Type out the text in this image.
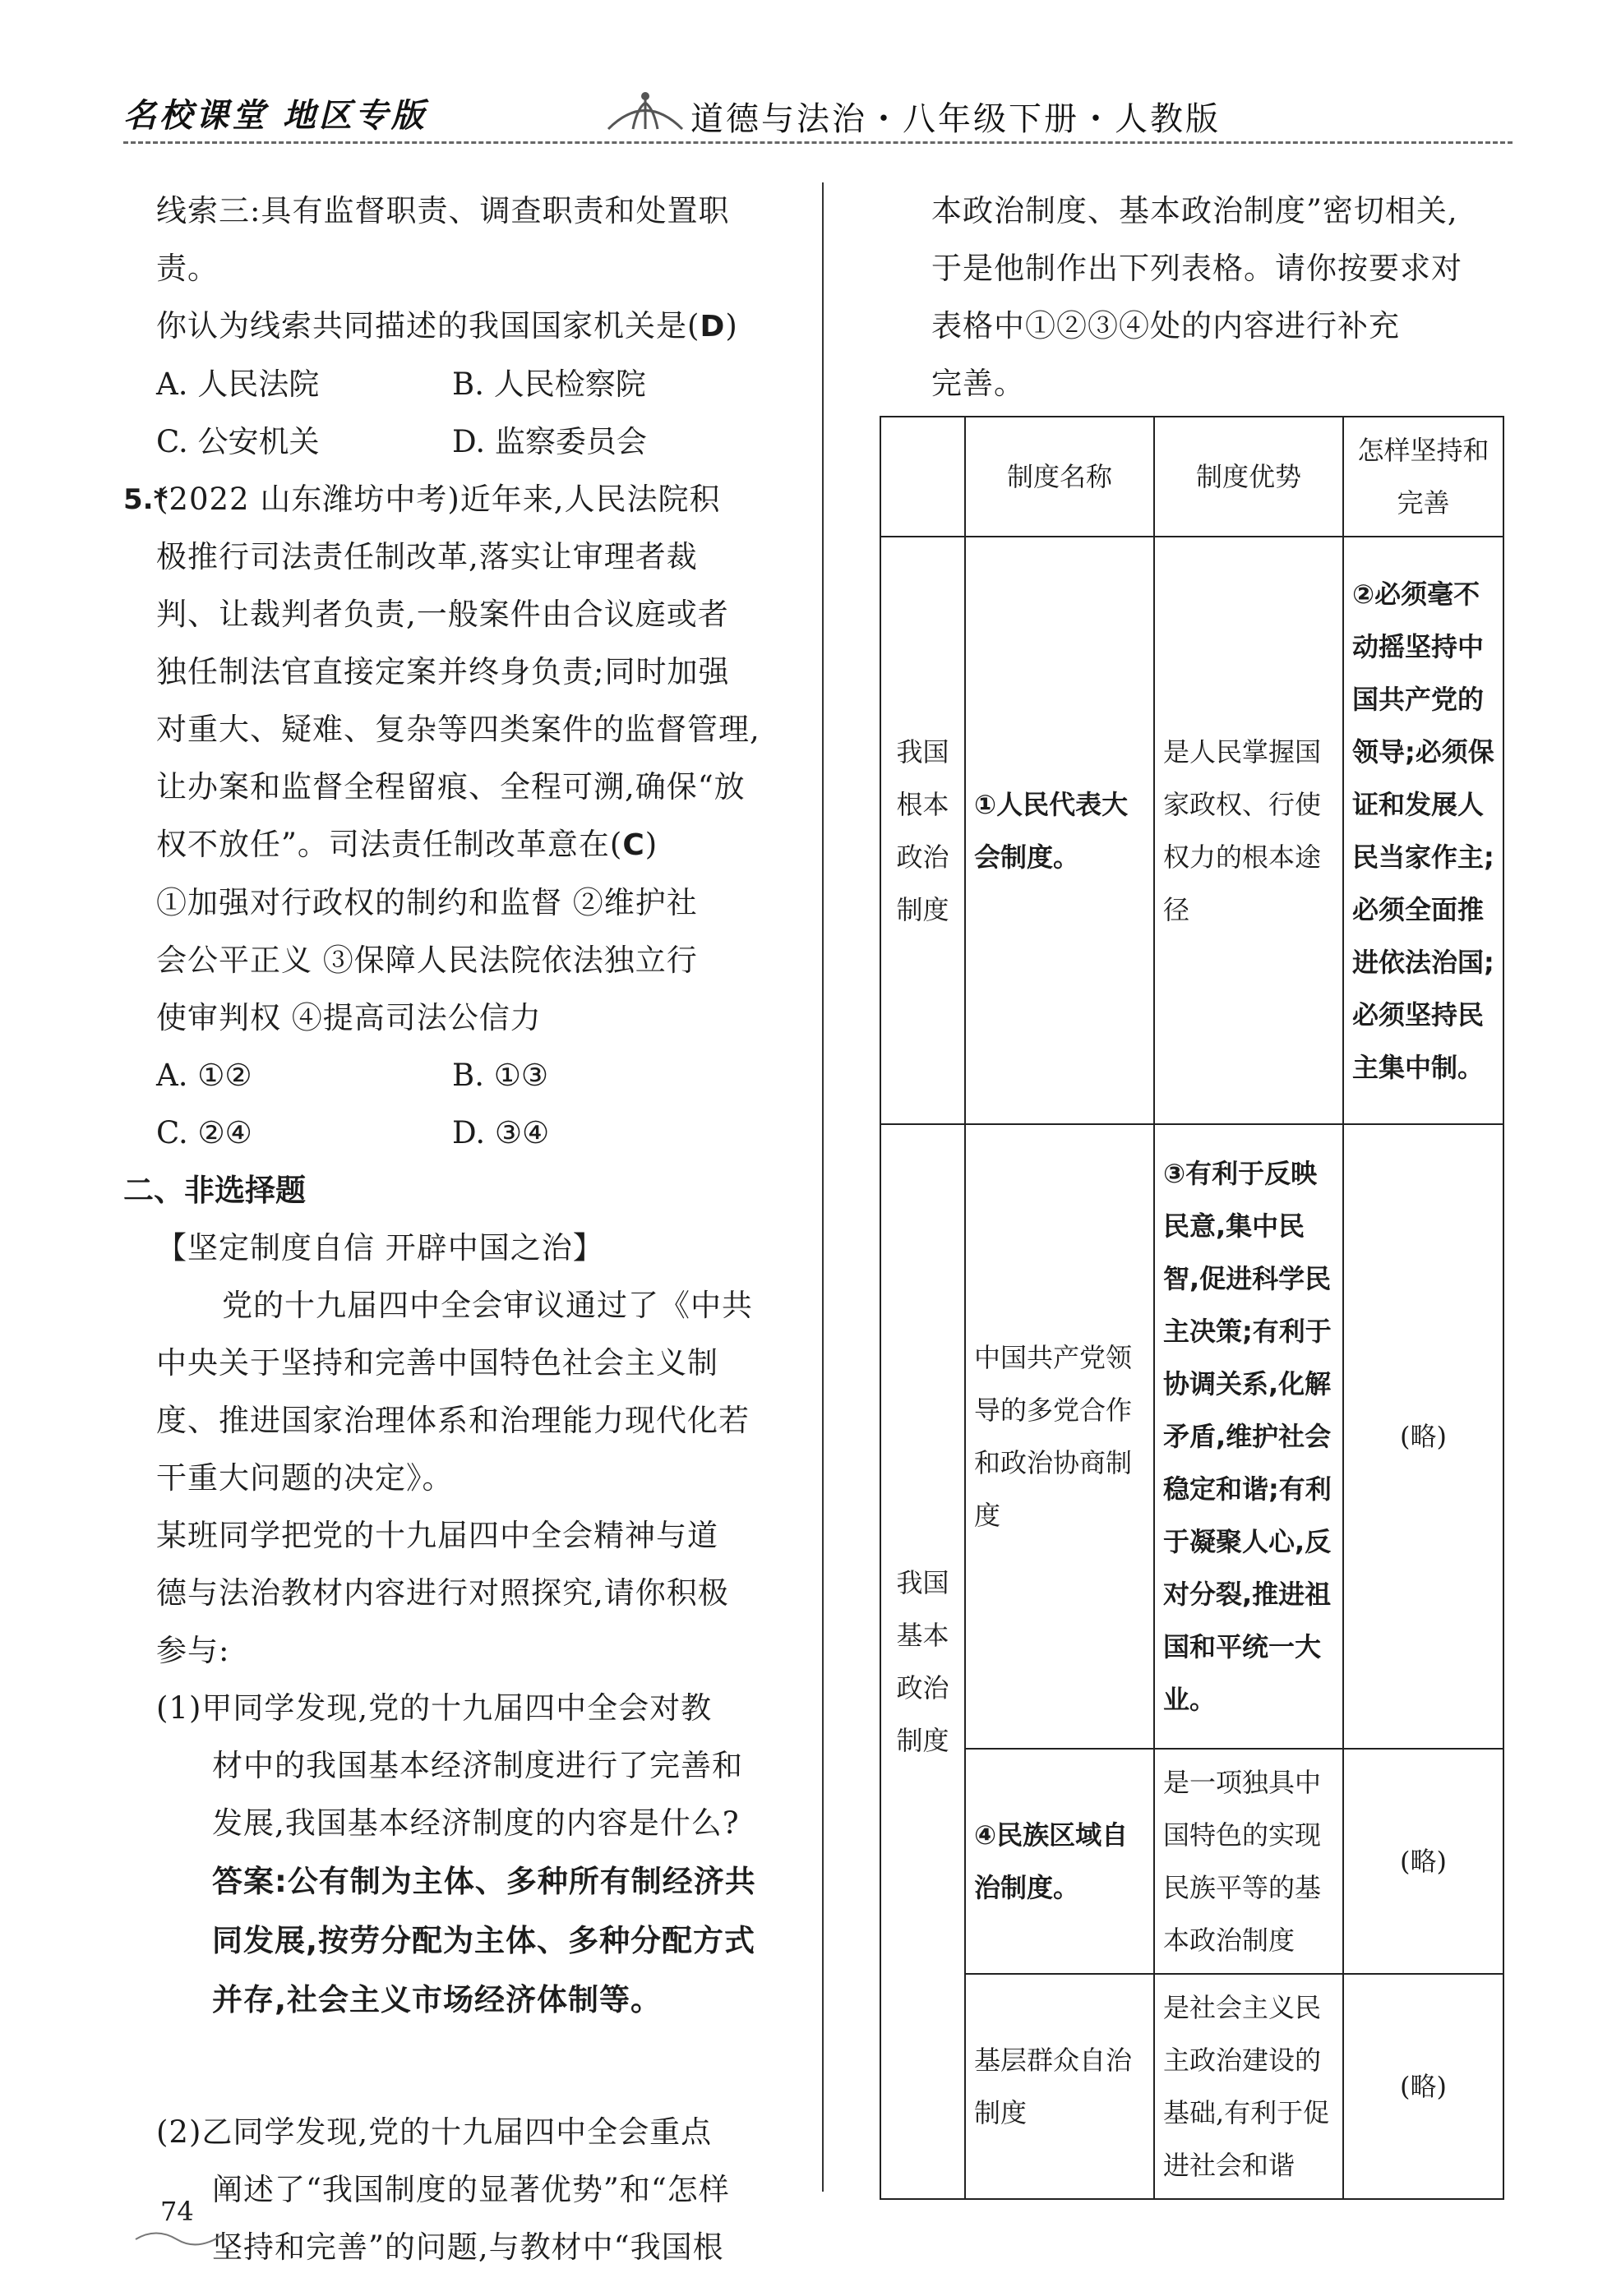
名校课堂 地区专版	道德与法治・八年级下册・人教版

线索三:具有监督职责、调查职责和处置职责。

你认为线索共同描述的我国国家机关是(D)

A. 人民法院	B. 人民检察院
C. 公安机关	D. 监察委员会
5.*

(2022 山东潍坊中考)近年来,人民法院积

极推行司法责任制改革,落实让审理者裁

判、让裁判者负责,一般案件由合议庭或者

独任制法官直接定案并终身负责;同时加强

对重大、疑难、复杂等四类案件的监督管理,

让办案和监督全程留痕、全程可溯,确保“放

权不放任”。司法责任制改革意在(C)

①加强对行政权的制约和监督 ②维护社

会公平正义 ③保障人民法院依法独立行

使审判权 ④提高司法公信力

A. ①②	B. ①③
C. ②④	D. ③④

二、非选择题

【坚定制度自信 开辟中国之治】

党的十九届四中全会审议通过了《中共

中央关于坚持和完善中国特色社会主义制

度、推进国家治理体系和治理能力现代化若

干重大问题的决定》。

某班同学把党的十九届四中全会精神与道

德与法治教材内容进行对照探究,请你积极

参与:

(1)甲同学发现,党的十九届四中全会对教

材中的我国基本经济制度进行了完善和

发展,我国基本经济制度的内容是什么?

答案:公有制为主体、多种所有制经济共

同发展,按劳分配为主体、多种分配方式

并存,社会主义市场经济体制等。

(2)乙同学发现,党的十九届四中全会重点

阐述了“我国制度的显著优势”和“怎样

坚持和完善”的问题,与教材中“我国根

本政治制度、基本政治制度”密切相关,

于是他制作出下列表格。请你按要求对

表格中①②③④处的内容进行补充

完善。

	制度名称	制度优势	怎样坚持和完善
我国根本政治制度	①人民代表大会制度。	是人民掌握国家政权、行使权力的根本途径	②必须毫不动摇坚持中国共产党的领导;必须保证和发展人民当家作主;必须全面推进依法治国;必须坚持民主集中制。
我国基本政治制度	中国共产党领导的多党合作和政治协商制度	③有利于反映民意,集中民智,促进科学民主决策;有利于协调关系,化解矛盾,维护社会稳定和谐;有利于凝聚人心,反对分裂,推进祖国和平统一大业。	(略)
	④民族区域自治制度。	是一项独具中国特色的实现民族平等的基本政治制度	(略)
	基层群众自治制度	是社会主义民主政治建设的基础,有利于促进社会和谐	(略)
74
